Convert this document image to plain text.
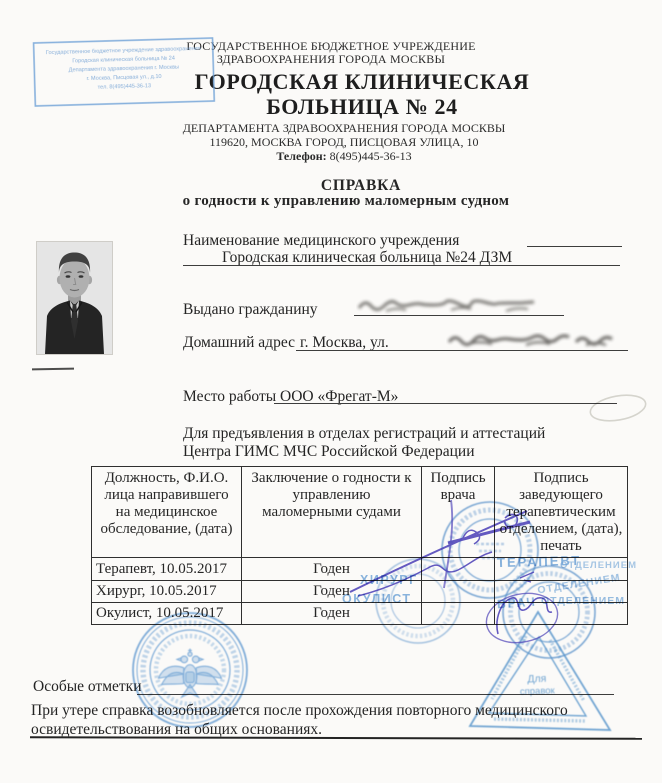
ГОСУДАРСТВЕННОЕ БЮДЖЕТНОЕ УЧРЕЖДЕНИЕ
ЗДРАВООХРАНЕНИЯ ГОРОДА МОСКВЫ
ГОРОДСКАЯ КЛИНИЧЕСКАЯ
БОЛЬНИЦА № 24
ДЕПАРТАМЕНТА ЗДРАВООХРАНЕНИЯ ГОРОДА МОСКВЫ
119620, МОСКВА ГОРОД, ПИСЦОВАЯ УЛИЦА, 10
Телефон: 8(495)445-36-13
Государственное бюджетное учреждение здравоохранения
Городская клиническая больница № 24
Департамента здравоохранения г. Москвы
г. Москва, Писцовая ул., д.10
тел. 8(495)445-36-13
СПРАВКА
о годности к управлению маломерным судном
Наименование медицинского учреждения
Городская клиническая больница №24 ДЗМ
Выдано гражданину
Домашний адрес г. Москва, ул.
Место работы ООО «Фрегат-М»
Для предъявления в отделах регистраций и аттестаций
Центра ГИМС МЧС Российской Федерации
Должность, Ф.И.О. лица направившего на медицинское обследование, (дата)	Заключение о годности к управлению маломерными судами	Подпись врача	Подпись заведующего терапевтическим отделением, (дата), печать
Терапевт, 10.05.2017	Годен		
Хирург, 10.05.2017	Годен		
Окулист, 10.05.2017	Годен		
Особые отметки
При утере справка возобновляется после прохождения повторного медицинского
освидетельствования на общих основаниях.
ТЕРАПЕВТ
ОТДЕЛЕНИЕМ
ОТДЕЛЕНИЕМ
ОТДЕЛЕНИЕМ
ХИРУРГ
ОКУЛИСТ	ВРАЧ
Для
справок
